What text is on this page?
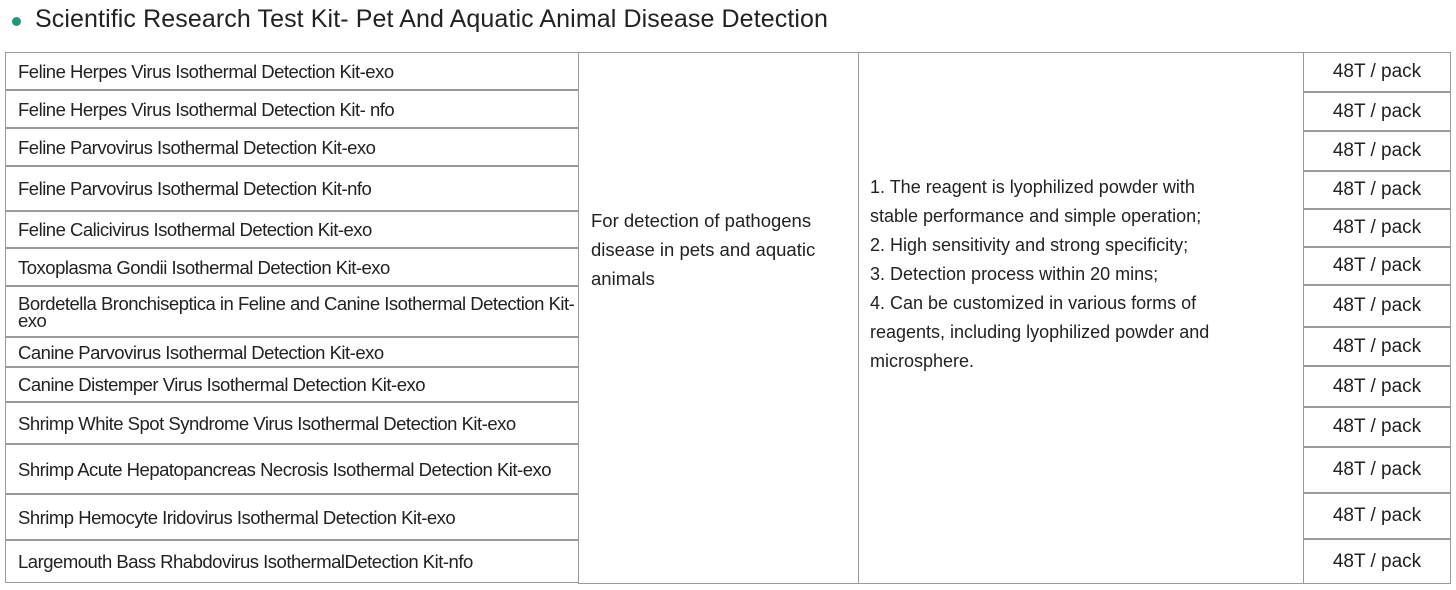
Scientific Research Test Kit- Pet And Aquatic Animal Disease Detection
For detection of pathogens disease in pets and aquatic animals
1. The reagent is lyophilized powder with
stable performance and simple operation;
2. High sensitivity and strong specificity;
3. Detection process within 20 mins;
4. Can be customized in various forms of
reagents, including lyophilized powder and
microsphere.
Feline Herpes Virus Isothermal Detection Kit-exo
Feline Herpes Virus Isothermal Detection Kit- nfo
Feline Parvovirus Isothermal Detection Kit-exo
Feline Parvovirus Isothermal Detection Kit-nfo
Feline Calicivirus Isothermal Detection Kit-exo
Toxoplasma Gondii Isothermal Detection Kit-exo
Bordetella Bronchiseptica in Feline and Canine Isothermal Detection Kit-exo
Canine Parvovirus Isothermal Detection Kit-exo
Canine Distemper Virus Isothermal Detection Kit-exo
Shrimp White Spot Syndrome Virus Isothermal Detection Kit-exo
Shrimp Acute Hepatopancreas Necrosis Isothermal Detection Kit-exo
Shrimp Hemocyte Iridovirus Isothermal Detection Kit-exo
Largemouth Bass Rhabdovirus IsothermalDetection Kit-nfo
48T / pack
48T / pack
48T / pack
48T / pack
48T / pack
48T / pack
48T / pack
48T / pack
48T / pack
48T / pack
48T / pack
48T / pack
48T / pack
